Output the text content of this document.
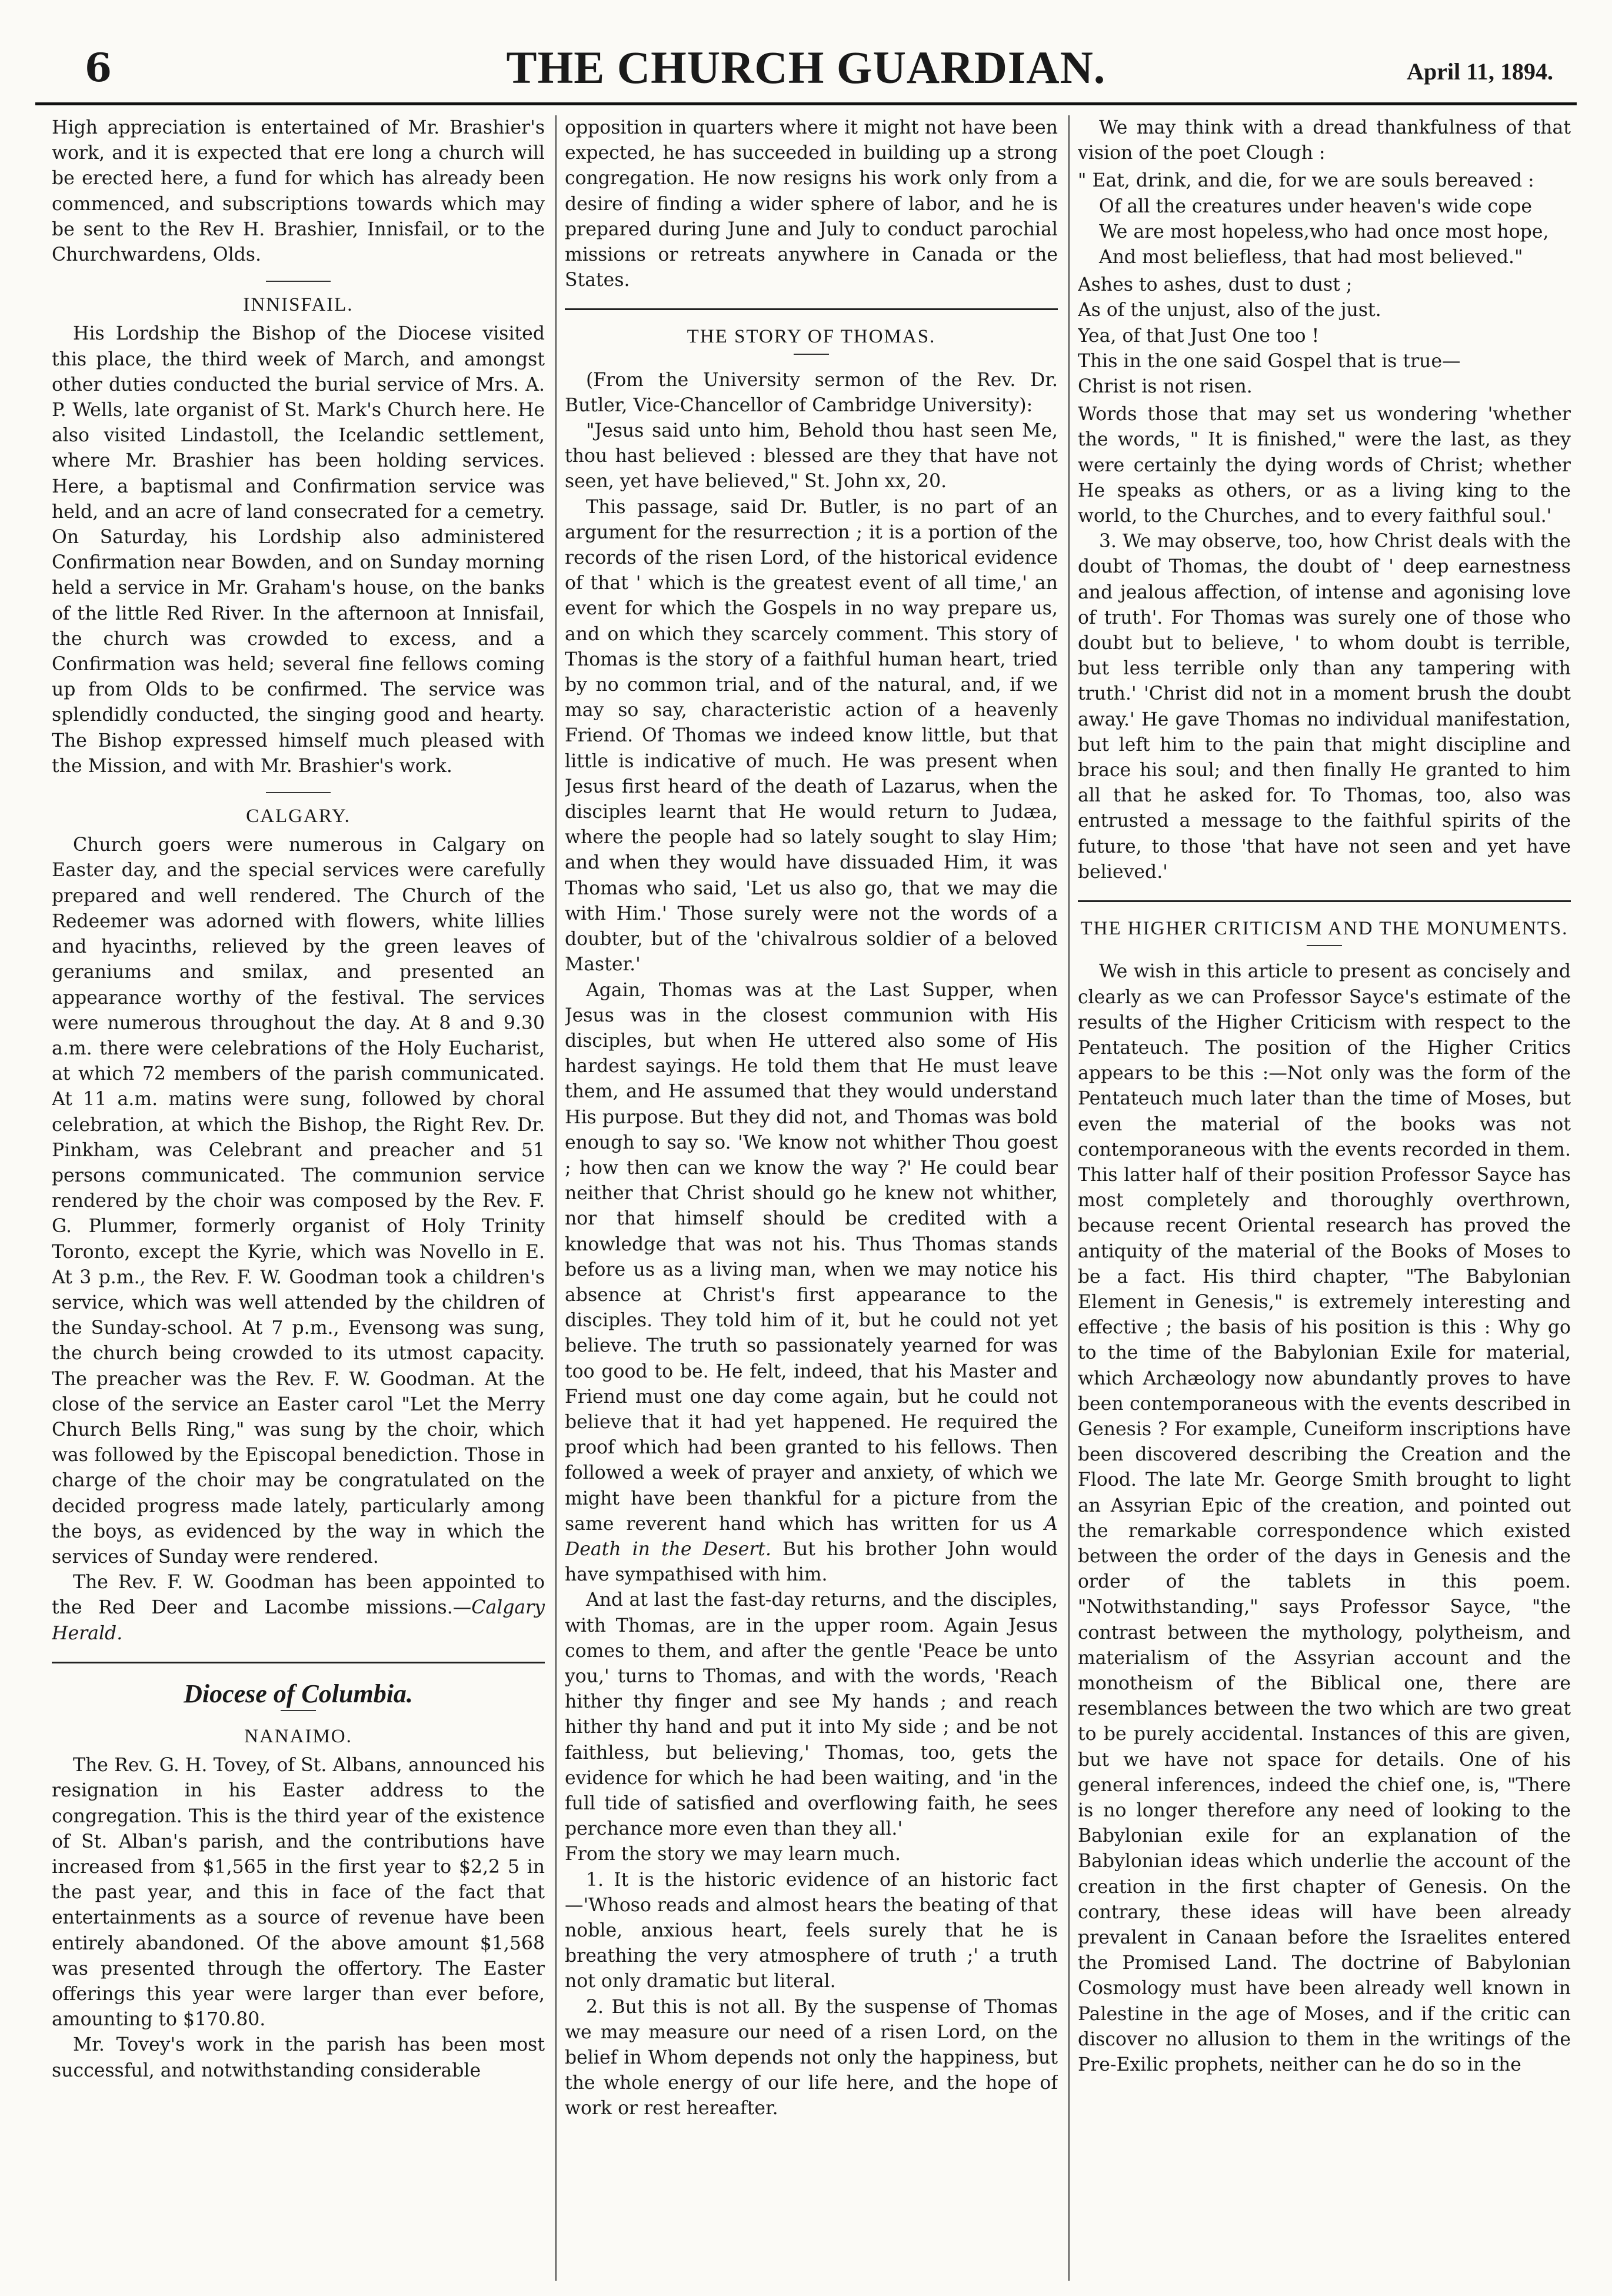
6	THE CHURCH GUARDIAN.	April 11, 1894.

High appreciation is entertained of Mr. Brashier's work, and it is expected that ere long a church will be erected here, a fund for which has already been commenced, and subscriptions towards which may be sent to the Rev H. Brashier, Innisfail, or to the Churchwardens, Olds.

INNISFAIL.

His Lordship the Bishop of the Diocese visited this place, the third week of March, and amongst other duties conducted the burial service of Mrs. A. P. Wells, late organist of St. Mark's Church here. He also visited Lindastoll, the Icelandic settlement, where Mr. Brashier has been holding services. Here, a baptismal and Confirmation service was held, and an acre of land consecrated for a cemetry. On Saturday, his Lordship also administered Confirmation near Bowden, and on Sunday morning held a service in Mr. Graham's house, on the banks of the little Red River. In the afternoon at Innisfail, the church was crowded to excess, and a Confirmation was held; several fine fellows coming up from Olds to be confirmed. The service was splendidly conducted, the singing good and hearty. The Bishop expressed himself much pleased with the Mission, and with Mr. Brashier's work.

CALGARY.

Church goers were numerous in Calgary on Easter day, and the special services were carefully prepared and well rendered. The Church of the Redeemer was adorned with flowers, white lillies and hyacinths, relieved by the green leaves of geraniums and smilax, and presented an appearance worthy of the festival. The services were numerous throughout the day. At 8 and 9.30 a.m. there were celebrations of the Holy Eucharist, at which 72 members of the parish communicated. At 11 a.m. matins were sung, followed by choral celebration, at which the Bishop, the Right Rev. Dr. Pinkham, was Celebrant and preacher and 51 persons communicated. The communion service rendered by the choir was composed by the Rev. F. G. Plummer, formerly organist of Holy Trinity Toronto, except the Kyrie, which was Novello in E. At 3 p.m., the Rev. F. W. Goodman took a children's service, which was well attended by the children of the Sunday-school. At 7 p.m., Evensong was sung, the church being crowded to its utmost capacity. The preacher was the Rev. F. W. Goodman. At the close of the service an Easter carol "Let the Merry Church Bells Ring," was sung by the choir, which was followed by the Episcopal benediction. Those in charge of the choir may be congratulated on the decided progress made lately, particularly among the boys, as evidenced by the way in which the services of Sunday were rendered.

The Rev. F. W. Goodman has been appointed to the Red Deer and Lacombe missions.—Calgary Herald.

Diocese of Columbia.
NANAIMO.

The Rev. G. H. Tovey, of St. Albans, announced his resignation in his Easter address to the congregation. This is the third year of the existence of St. Alban's parish, and the contributions have increased from $1,565 in the first year to $2,2 5 in the past year, and this in face of the fact that entertainments as a source of revenue have been entirely abandoned. Of the above amount $1,568 was presented through the offertory. The Easter offerings this year were larger than ever before, amounting to $170.80.

Mr. Tovey's work in the parish has been most successful, and notwithstanding considerable

opposition in quarters where it might not have been expected, he has succeeded in building up a strong congregation. He now resigns his work only from a desire of finding a wider sphere of labor, and he is prepared during June and July to conduct parochial missions or retreats anywhere in Canada or the States.

THE STORY OF THOMAS.

(From the University sermon of the Rev. Dr. Butler, Vice-Chancellor of Cambridge University):

"Jesus said unto him, Behold thou hast seen Me, thou hast believed : blessed are they that have not seen, yet have believed," St. John xx, 20.

This passage, said Dr. Butler, is no part of an argument for the resurrection ; it is a portion of the records of the risen Lord, of the historical evidence of that ' which is the greatest event of all time,' an event for which the Gospels in no way prepare us, and on which they scarcely comment. This story of Thomas is the story of a faithful human heart, tried by no common trial, and of the natural, and, if we may so say, characteristic action of a heavenly Friend. Of Thomas we indeed know little, but that little is indicative of much. He was present when Jesus first heard of the death of Lazarus, when the disciples learnt that He would return to Judæa, where the people had so lately sought to slay Him; and when they would have dissuaded Him, it was Thomas who said, 'Let us also go, that we may die with Him.' Those surely were not the words of a doubter, but of the 'chivalrous soldier of a beloved Master.'

Again, Thomas was at the Last Supper, when Jesus was in the closest communion with His disciples, but when He uttered also some of His hardest sayings. He told them that He must leave them, and He assumed that they would understand His purpose. But they did not, and Thomas was bold enough to say so. 'We know not whither Thou goest ; how then can we know the way ?' He could bear neither that Christ should go he knew not whither, nor that himself should be credited with a knowledge that was not his. Thus Thomas stands before us as a living man, when we may notice his absence at Christ's first appearance to the disciples. They told him of it, but he could not yet believe. The truth so passionately yearned for was too good to be. He felt, indeed, that his Master and Friend must one day come again, but he could not believe that it had yet happened. He required the proof which had been granted to his fellows. Then followed a week of prayer and anxiety, of which we might have been thankful for a picture from the same reverent hand which has written for us A Death in the Desert. But his brother John would have sympathised with him.

And at last the fast-day returns, and the disciples, with Thomas, are in the upper room. Again Jesus comes to them, and after the gentle 'Peace be unto you,' turns to Thomas, and with the words, 'Reach hither thy finger and see My hands ; and reach hither thy hand and put it into My side ; and be not faithless, but believing,' Thomas, too, gets the evidence for which he had been waiting, and 'in the full tide of satisfied and overflowing faith, he sees perchance more even than they all.'

From the story we may learn much.

1. It is the historic evidence of an historic fact—'Whoso reads and almost hears the beating of that noble, anxious heart, feels surely that he is breathing the very atmosphere of truth ;' a truth not only dramatic but literal.

2. But this is not all. By the suspense of Thomas we may measure our need of a risen Lord, on the belief in Whom depends not only the happiness, but the whole energy of our life here, and the hope of work or rest hereafter.

We may think with a dread thankfulness of that vision of the poet Clough :

" Eat, drink, and die, for we are souls bereaved :
Of all the creatures under heaven's wide cope
We are most hopeless,who had once most hope,
And most beliefless, that had most believed."
Ashes to ashes, dust to dust ;
As of the unjust, also of the just.
Yea, of that Just One too !
This in the one said Gospel that is true—
Christ is not risen.

Words those that may set us wondering 'whether the words, " It is finished," were the last, as they were certainly the dying words of Christ; whether He speaks as others, or as a living king to the world, to the Churches, and to every faithful soul.'

3. We may observe, too, how Christ deals with the doubt of Thomas, the doubt of ' deep earnestness and jealous affection, of intense and agonising love of truth'. For Thomas was surely one of those who doubt but to believe, ' to whom doubt is terrible, but less terrible only than any tampering with truth.' 'Christ did not in a moment brush the doubt away.' He gave Thomas no individual manifestation, but left him to the pain that might discipline and brace his soul; and then finally He granted to him all that he asked for. To Thomas, too, also was entrusted a message to the faithful spirits of the future, to those 'that have not seen and yet have believed.'

THE HIGHER CRITICISM AND THE MONUMENTS.

We wish in this article to present as concisely and clearly as we can Professor Sayce's estimate of the results of the Higher Criticism with respect to the Pentateuch. The position of the Higher Critics appears to be this :—Not only was the form of the Pentateuch much later than the time of Moses, but even the material of the books was not contemporaneous with the events recorded in them. This latter half of their position Professor Sayce has most completely and thoroughly overthrown, because recent Oriental research has proved the antiquity of the material of the Books of Moses to be a fact. His third chapter, "The Babylonian Element in Genesis," is extremely interesting and effective ; the basis of his position is this : Why go to the time of the Babylonian Exile for material, which Archæology now abundantly proves to have been contemporaneous with the events described in Genesis ? For example, Cuneiform inscriptions have been discovered describing the Creation and the Flood. The late Mr. George Smith brought to light an Assyrian Epic of the creation, and pointed out the remarkable correspondence which existed between the order of the days in Genesis and the order of the tablets in this poem. "Notwithstanding," says Professor Sayce, "the contrast between the mythology, polytheism, and materialism of the Assyrian account and the monotheism of the Biblical one, there are resemblances between the two which are two great to be purely accidental. Instances of this are given, but we have not space for details. One of his general inferences, indeed the chief one, is, "There is no longer therefore any need of looking to the Babylonian exile for an explanation of the Babylonian ideas which underlie the account of the creation in the first chapter of Genesis. On the contrary, these ideas will have been already prevalent in Canaan before the Israelites entered the Promised Land. The doctrine of Babylonian Cosmology must have been already well known in Palestine in the age of Moses, and if the critic can discover no allusion to them in the writings of the Pre-Exilic prophets, neither can he do so in the
